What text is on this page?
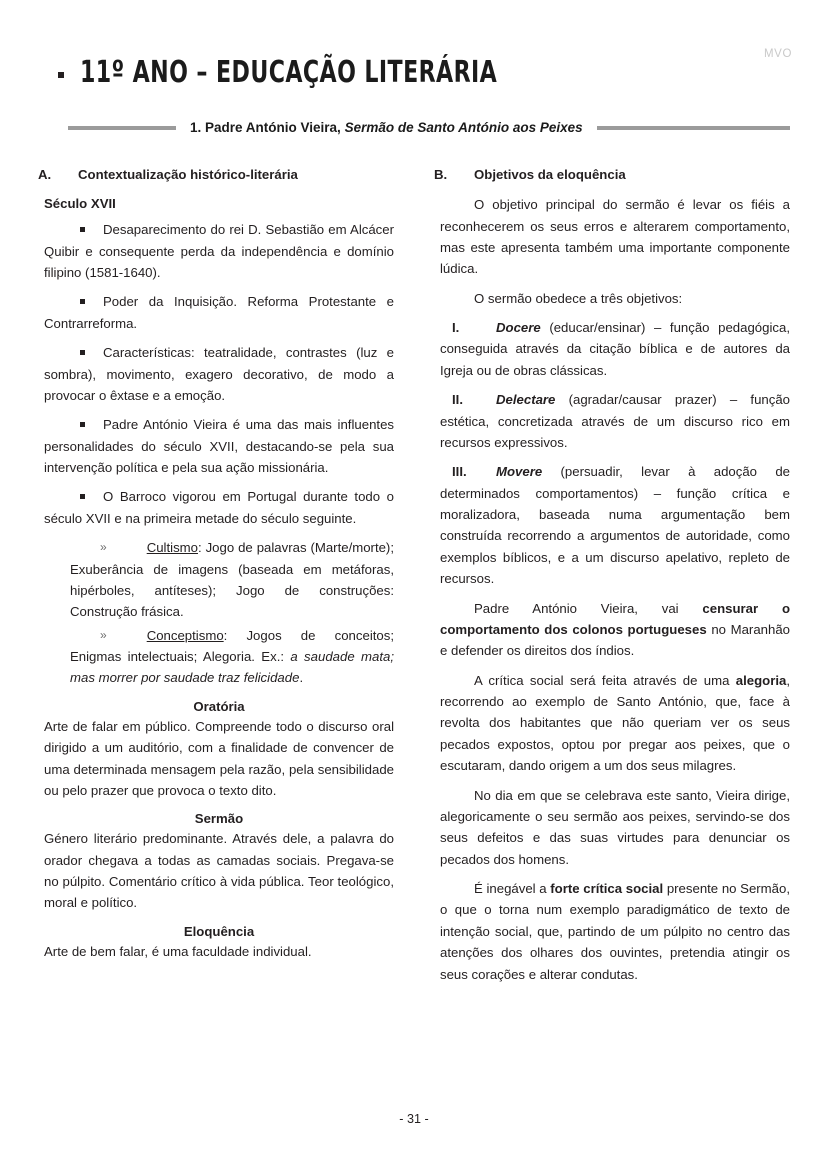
MVO
11º ANO – EDUCAÇÃO LITERÁRIA
1. Padre António Vieira, Sermão de Santo António aos Peixes
A. Contextualização histórico-literária

Século XVII

Desaparecimento do rei D. Sebastião em Alcácer Quibir e consequente perda da independência e domínio filipino (1581-1640).

Poder da Inquisição. Reforma Protestante e Contrarreforma.

Características: teatralidade, contrastes (luz e sombra), movimento, exagero decorativo, de modo a provocar o êxtase e a emoção.

Padre António Vieira é uma das mais influentes personalidades do século XVII, destacando-se pela sua intervenção política e pela sua ação missionária.

O Barroco vigorou em Portugal durante todo o século XVII e na primeira metade do século seguinte.

»	Cultismo: Jogo de palavras (Marte/morte); Exuberância de imagens (baseada em metáforas, hipérboles, antíteses); Jogo de construções: Construção frásica.

»	Conceptismo: Jogos de conceitos; Enigmas intelectuais; Alegoria. Ex.: a saudade mata; mas morrer por saudade traz felicidade.

Oratória

Arte de falar em público. Compreende todo o discurso oral dirigido a um auditório, com a finalidade de convencer de uma determinada mensagem pela razão, pela sensibilidade ou pelo prazer que provoca o texto dito.

Sermão

Género literário predominante. Através dele, a palavra do orador chegava a todas as camadas sociais. Pregava-se no púlpito. Comentário crítico à vida pública. Teor teológico, moral e político.

Eloquência

Arte de bem falar, é uma faculdade individual.

B. Objetivos da eloquência

O objetivo principal do sermão é levar os fiéis a reconhecerem os seus erros e alterarem comportamento, mas este apresenta também uma importante componente lúdica.

O sermão obedece a três objetivos:

I.	Docere (educar/ensinar) – função pedagógica, conseguida através da citação bíblica e de autores da Igreja ou de obras clássicas.

II.	Delectare (agradar/causar prazer) – função estética, concretizada através de um discurso rico em recursos expressivos.

III. Movere (persuadir, levar à adoção de determinados comportamentos) – função crítica e moralizadora, baseada numa argumentação bem construída recorrendo a argumentos de autoridade, como exemplos bíblicos, e a um discurso apelativo, repleto de recursos.

Padre António Vieira, vai censurar o comportamento dos colonos portugueses no Maranhão e defender os direitos dos índios.

A crítica social será feita através de uma alegoria, recorrendo ao exemplo de Santo António, que, face à revolta dos habitantes que não queriam ver os seus pecados expostos, optou por pregar aos peixes, que o escutaram, dando origem a um dos seus milagres.

No dia em que se celebrava este santo, Vieira dirige, alegoricamente o seu sermão aos peixes, servindo-se dos seus defeitos e das suas virtudes para denunciar os pecados dos homens.

É inegável a forte crítica social presente no Sermão, o que o torna num exemplo paradigmático de texto de intenção social, que, partindo de um púlpito no centro das atenções dos olhares dos ouvintes, pretendia atingir os seus corações e alterar condutas.

- 31 -
